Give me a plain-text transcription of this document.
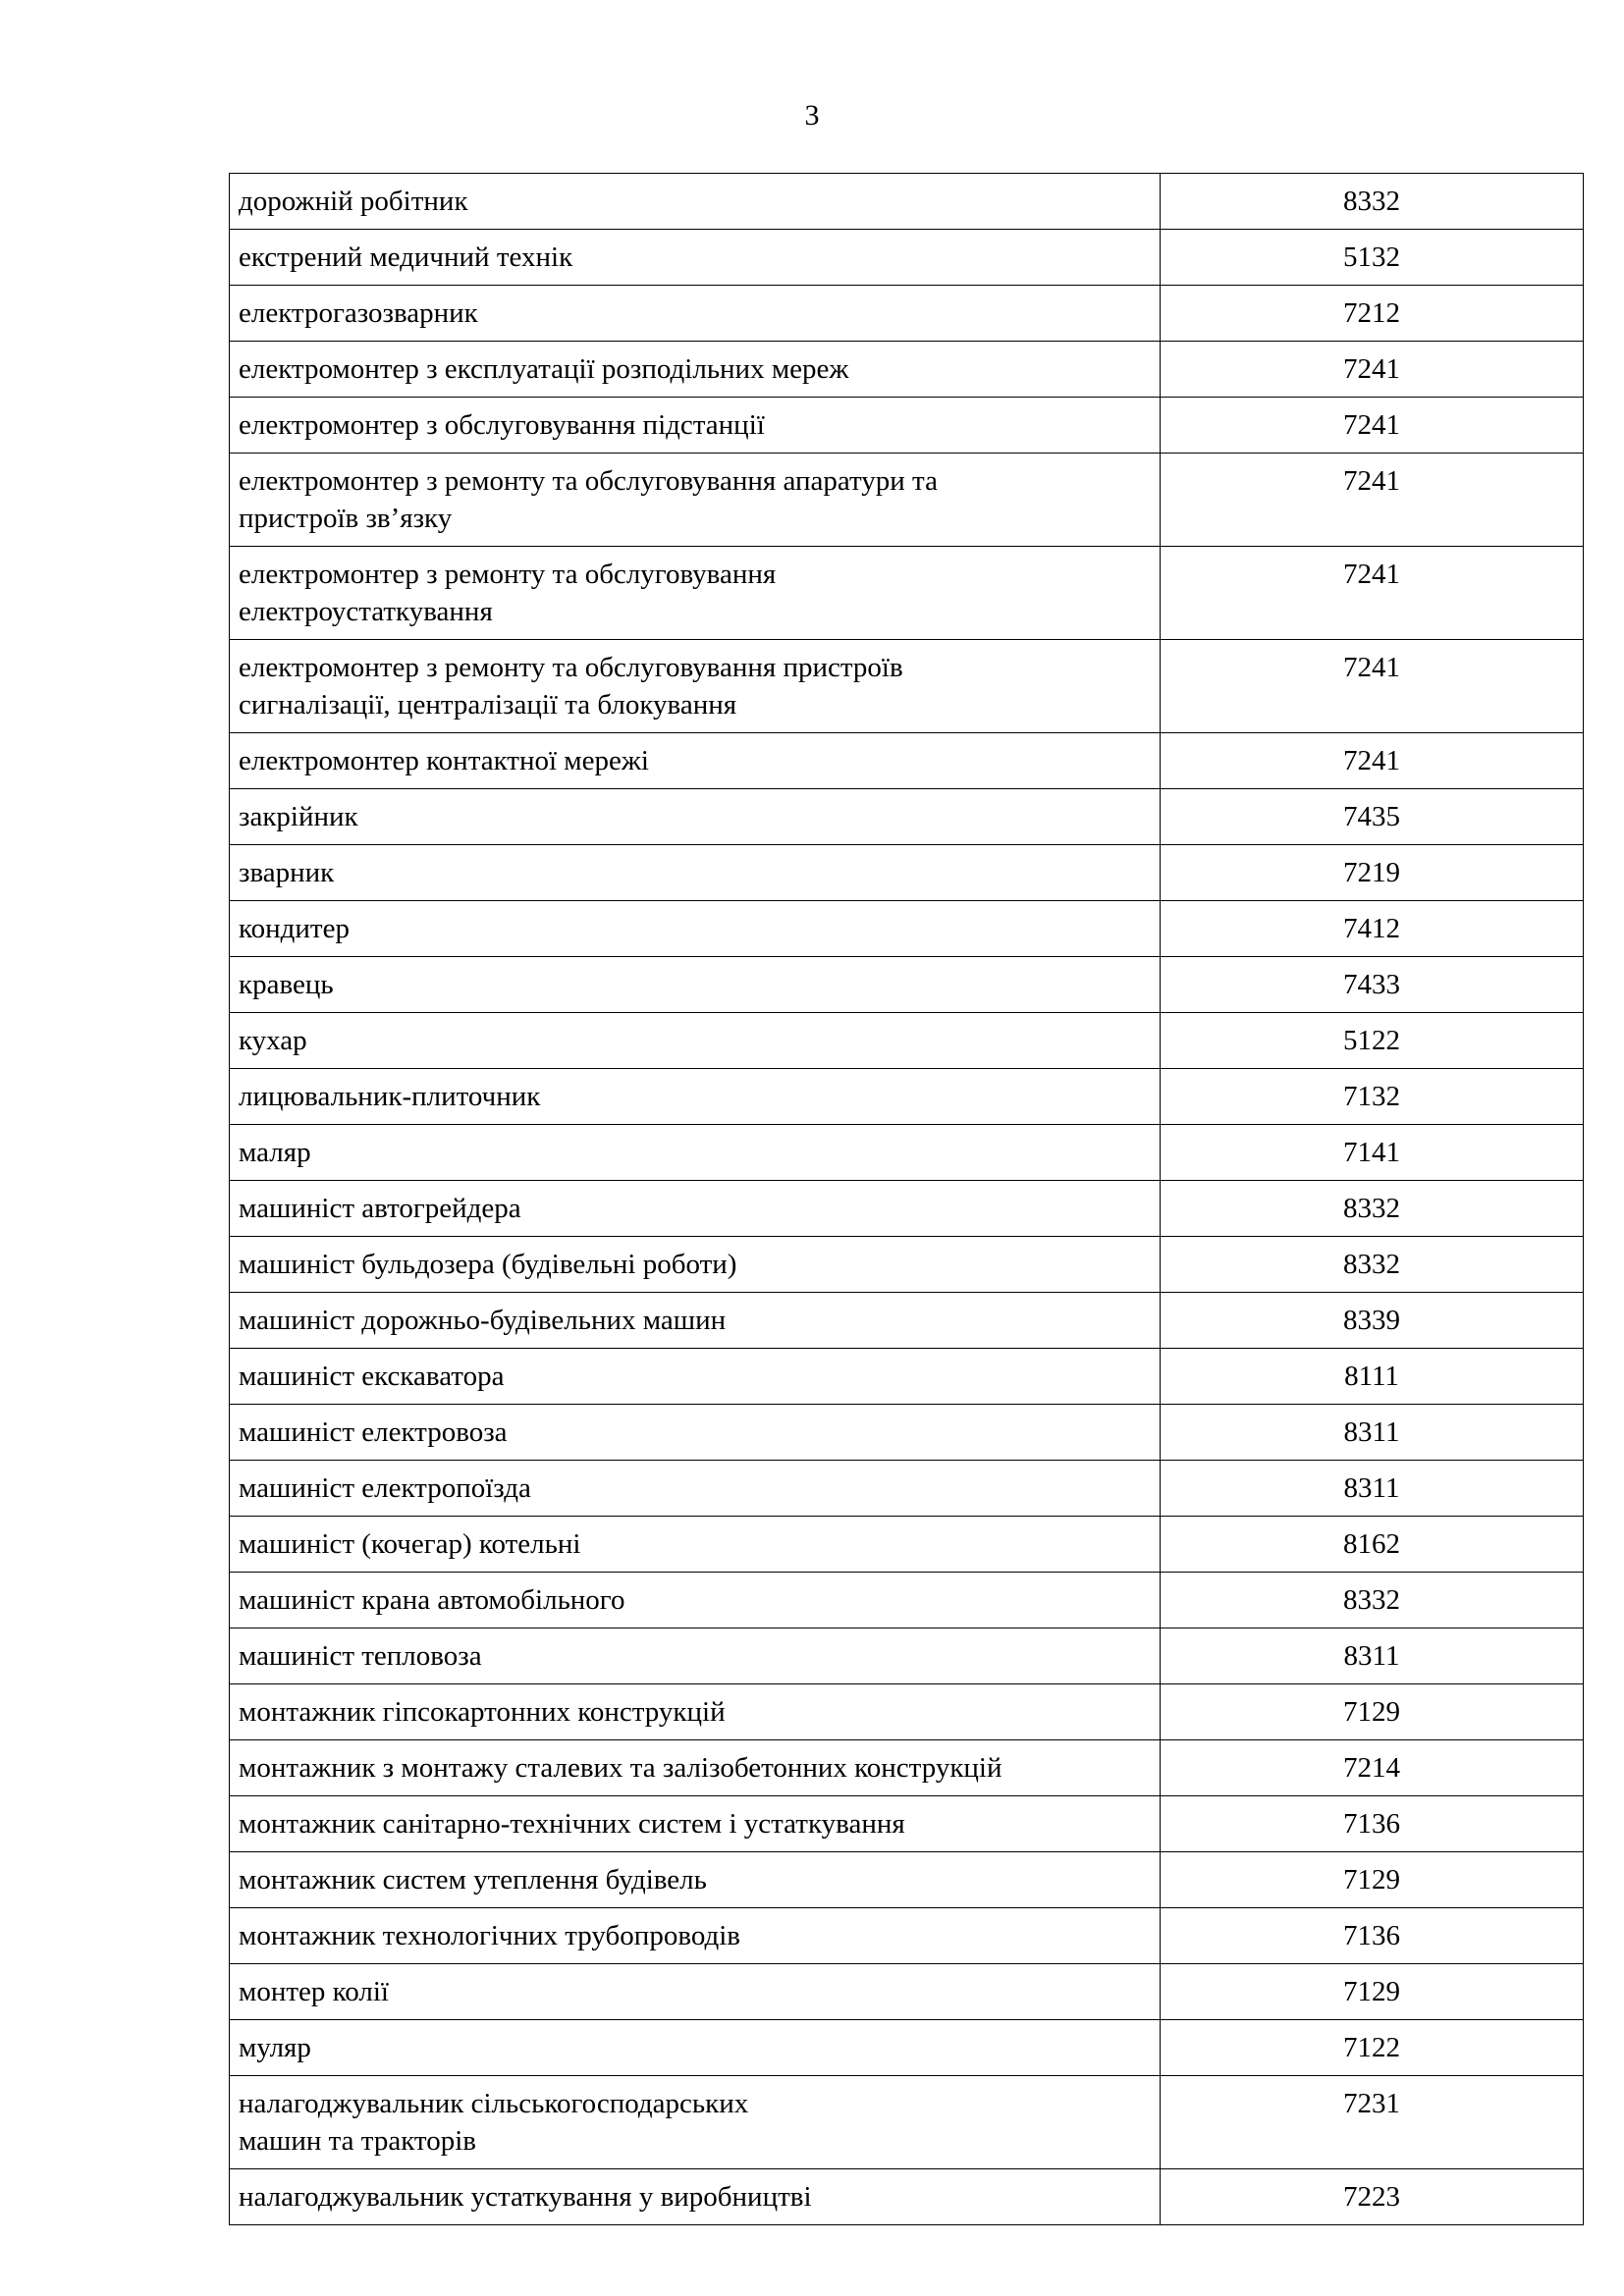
3
дорожній робітник	8332
екстрений медичний технік	5132
електрогазозварник	7212
електромонтер з експлуатації розподільних мереж	7241
електромонтер з обслуговування підстанції	7241
електромонтер з ремонту та обслуговування апаратури та
пристроїв зв’язку	7241
електромонтер з ремонту та обслуговування
електроустаткування	7241
електромонтер з ремонту та обслуговування пристроїв
сигналізації, централізації та блокування	7241
електромонтер контактної мережі	7241
закрійник	7435
зварник	7219
кондитер	7412
кравець	7433
кухар	5122
лицювальник-плиточник	7132
маляр	7141
машиніст автогрейдера	8332
машиніст бульдозера (будівельні роботи)	8332
машиніст дорожньо-будівельних машин	8339
машиніст екскаватора	8111
машиніст електровоза	8311
машиніст електропоїзда	8311
машиніст (кочегар) котельні	8162
машиніст крана автомобільного	8332
машиніст тепловоза	8311
монтажник гіпсокартонних конструкцій	7129
монтажник з монтажу сталевих та залізобетонних конструкцій	7214
монтажник санітарно-технічних систем і устаткування	7136
монтажник систем утеплення будівель	7129
монтажник технологічних трубопроводів	7136
монтер колії	7129
муляр	7122
налагоджувальник сільськогосподарських
машин та тракторів	7231
налагоджувальник устаткування у виробництві	7223
